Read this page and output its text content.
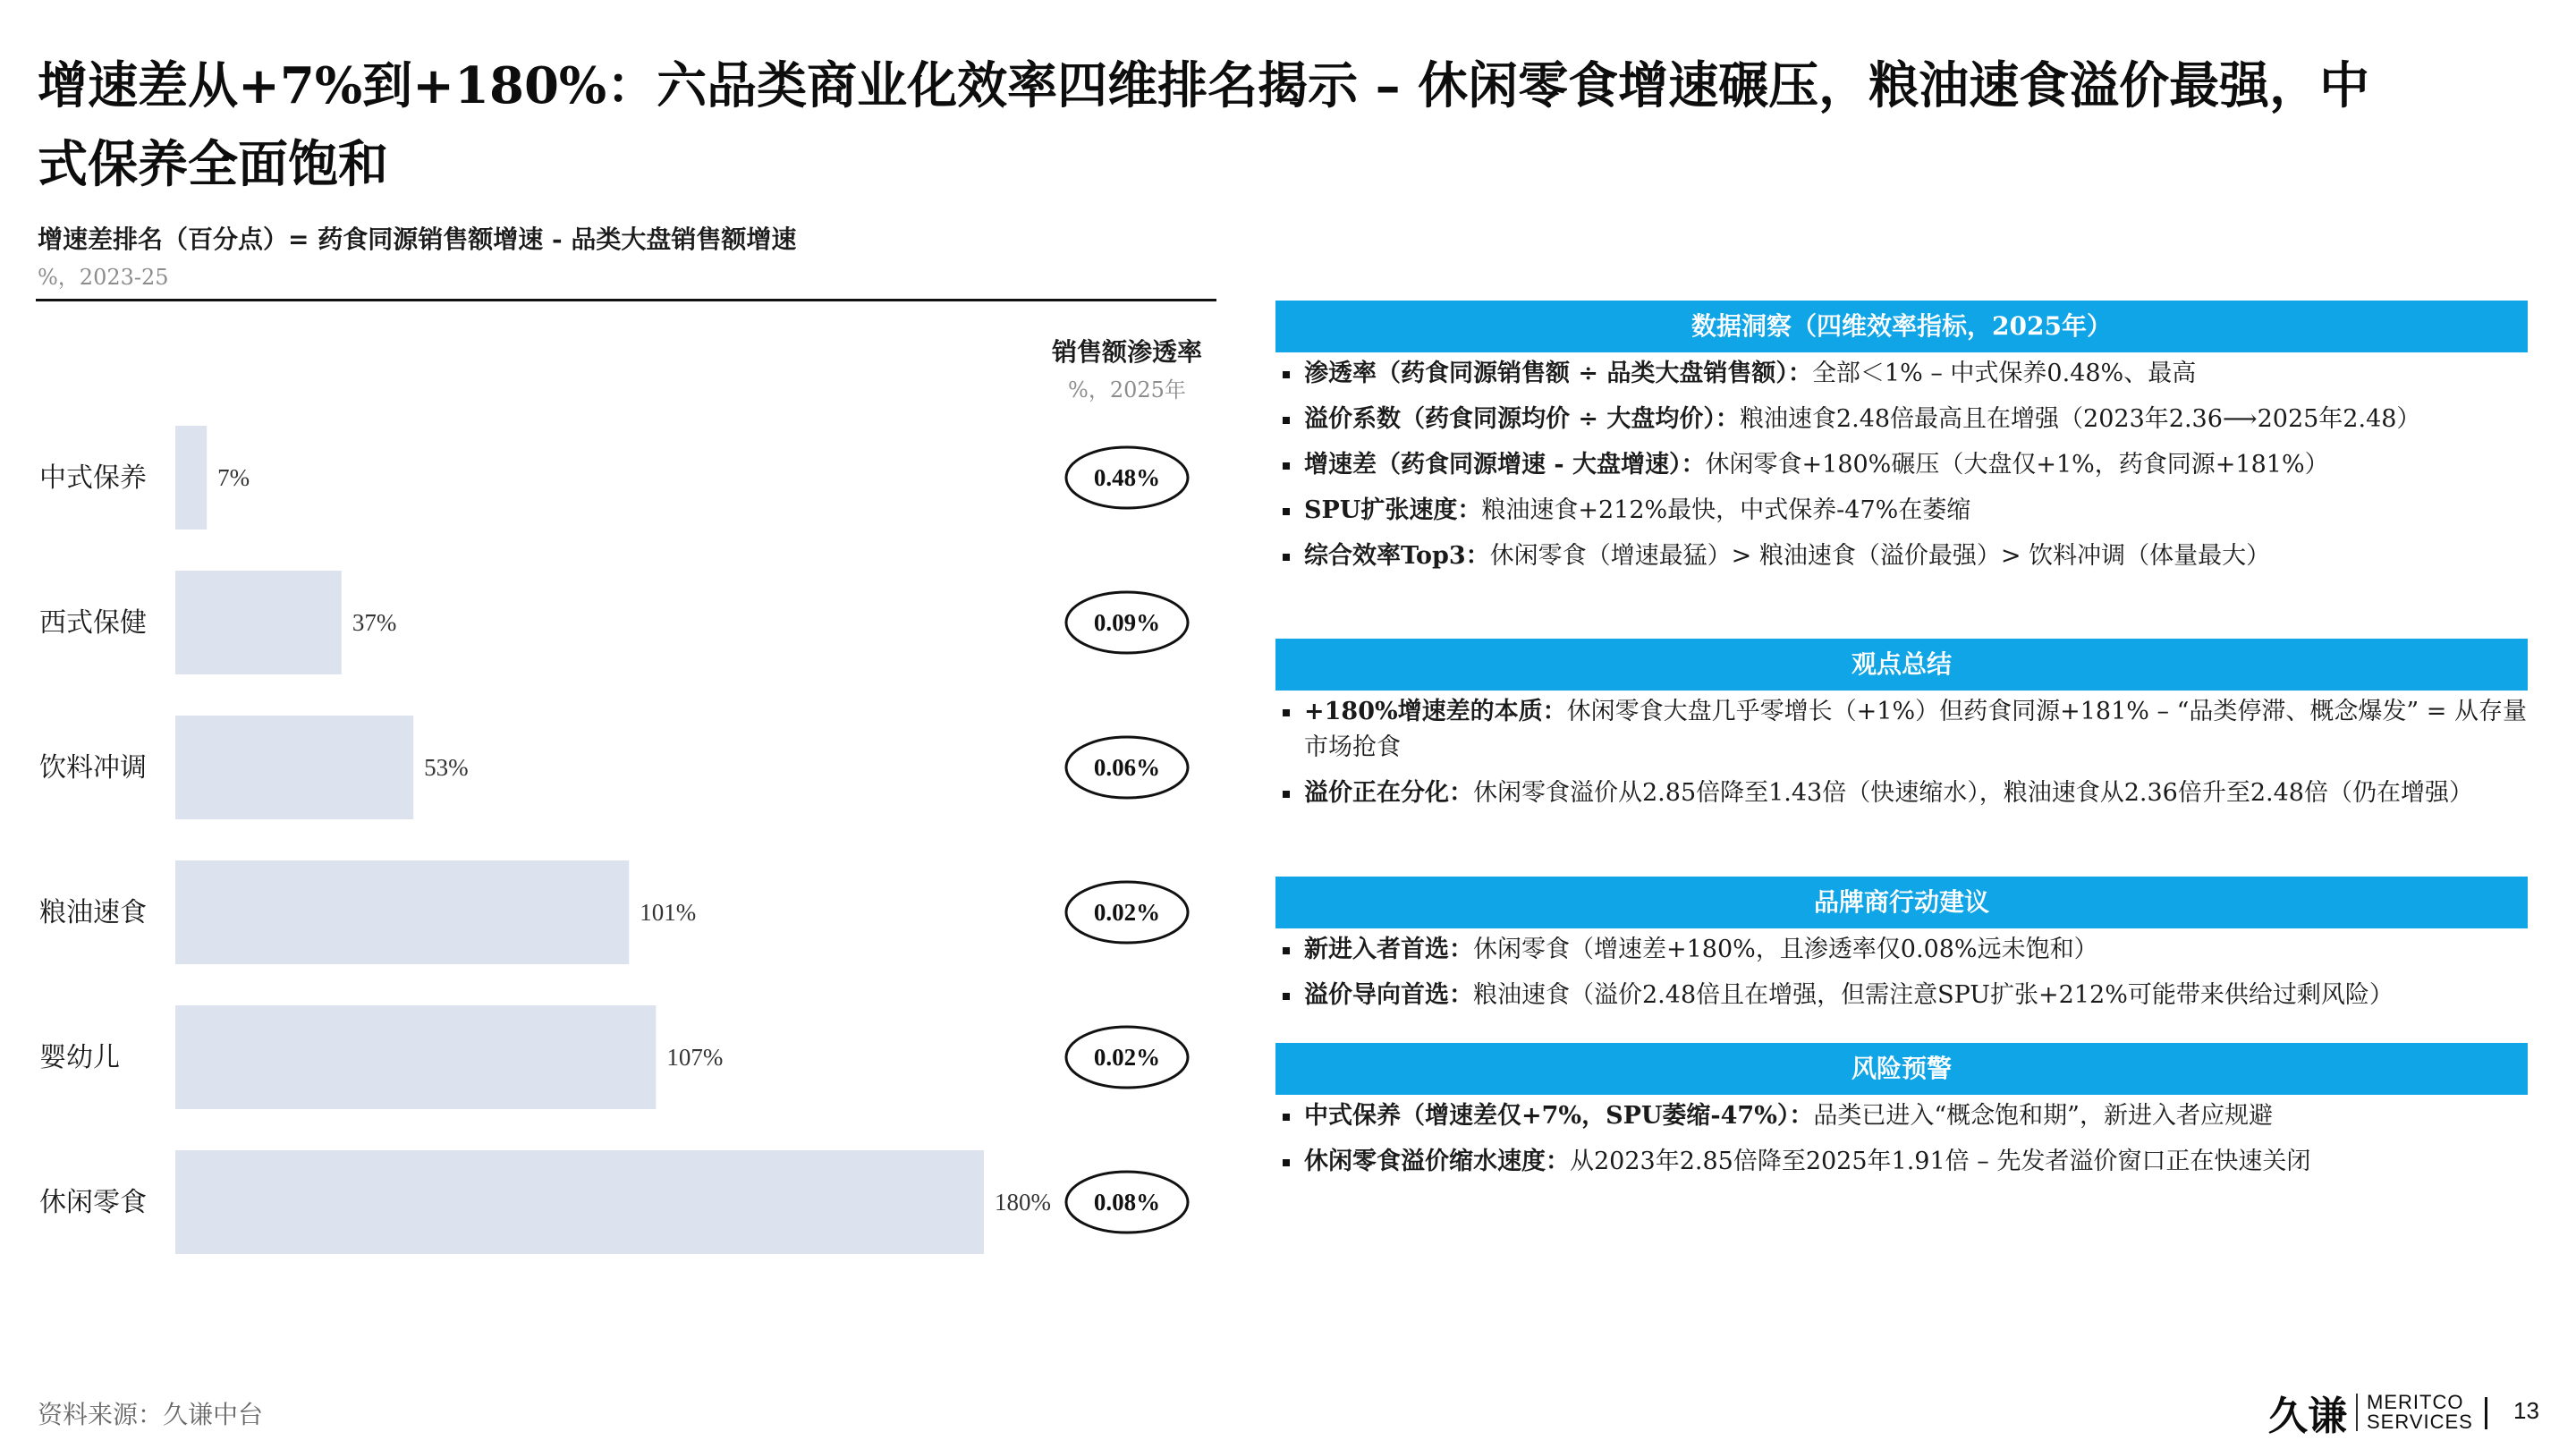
增速差从+7%到+180%：六品类商业化效率四维排名揭示 – 休闲零食增速碾压，粮油速食溢价最强，中式保养全面饱和
增速差排名（百分点）= 药食同源销售额增速 - 品类大盘销售额增速
%，2023-25
销售额渗透率
%，2025年
中式保养	7%	0.48%
西式保健	37%	0.09%
饮料冲调	53%	0.06%
粮油速食	101%	0.02%
婴幼儿	107%	0.02%
休闲零食	180% 0.08%
数据洞察（四维效率指标，2025年）
渗透率（药食同源销售额 ÷ 品类大盘销售额）：全部＜1% – 中式保养0.48%、最高
溢价系数（药食同源均价 ÷ 大盘均价）：粮油速食2.48倍最高且在增强（2023年2.36⟶2025年2.48）
增速差（药食同源增速 - 大盘增速）：休闲零食+180%碾压（大盘仅+1%，药食同源+181%）
SPU扩张速度：粮油速食+212%最快，中式保养-47%在萎缩
综合效率Top3：休闲零食（增速最猛）> 粮油速食（溢价最强）> 饮料冲调（体量最大）
观点总结
+180%增速差的本质：休闲零食大盘几乎零增长（+1%）但药食同源+181% – “品类停滞、概念爆发” = 从存量市场抢食
溢价正在分化：休闲零食溢价从2.85倍降至1.43倍（快速缩水），粮油速食从2.36倍升至2.48倍（仍在增强）
品牌商行动建议
新进入者首选：休闲零食（增速差+180%，且渗透率仅0.08%远未饱和）
溢价导向首选：粮油速食（溢价2.48倍且在增强，但需注意SPU扩张+212%可能带来供给过剩风险）
风险预警
中式保养（增速差仅+7%，SPU萎缩-47%）：品类已进入“概念饱和期”，新进入者应规避
休闲零食溢价缩水速度：从2023年2.85倍降至2025年1.91倍 – 先发者溢价窗口正在快速关闭
资料来源：久谦中台	久谦 MERITCO
SERVICES 13
